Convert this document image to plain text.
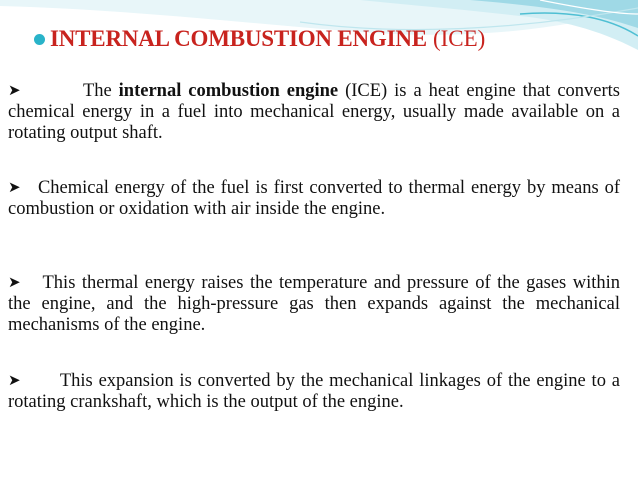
INTERNAL COMBUSTION ENGINE (ICE)
➤	The internal combustion engine (ICE) is a heat engine that converts chemical energy in a fuel into mechanical energy, usually made available on a rotating output shaft.
➤ Chemical energy of the fuel is first converted to thermal energy by means of combustion or oxidation with air inside the engine.
➤ This thermal energy raises the temperature and pressure of the gases within the engine, and the high-pressure gas then expands against the mechanical mechanisms of the engine.
➤ This expansion is converted by the mechanical linkages of the engine to a rotating crankshaft, which is the output of the engine.
